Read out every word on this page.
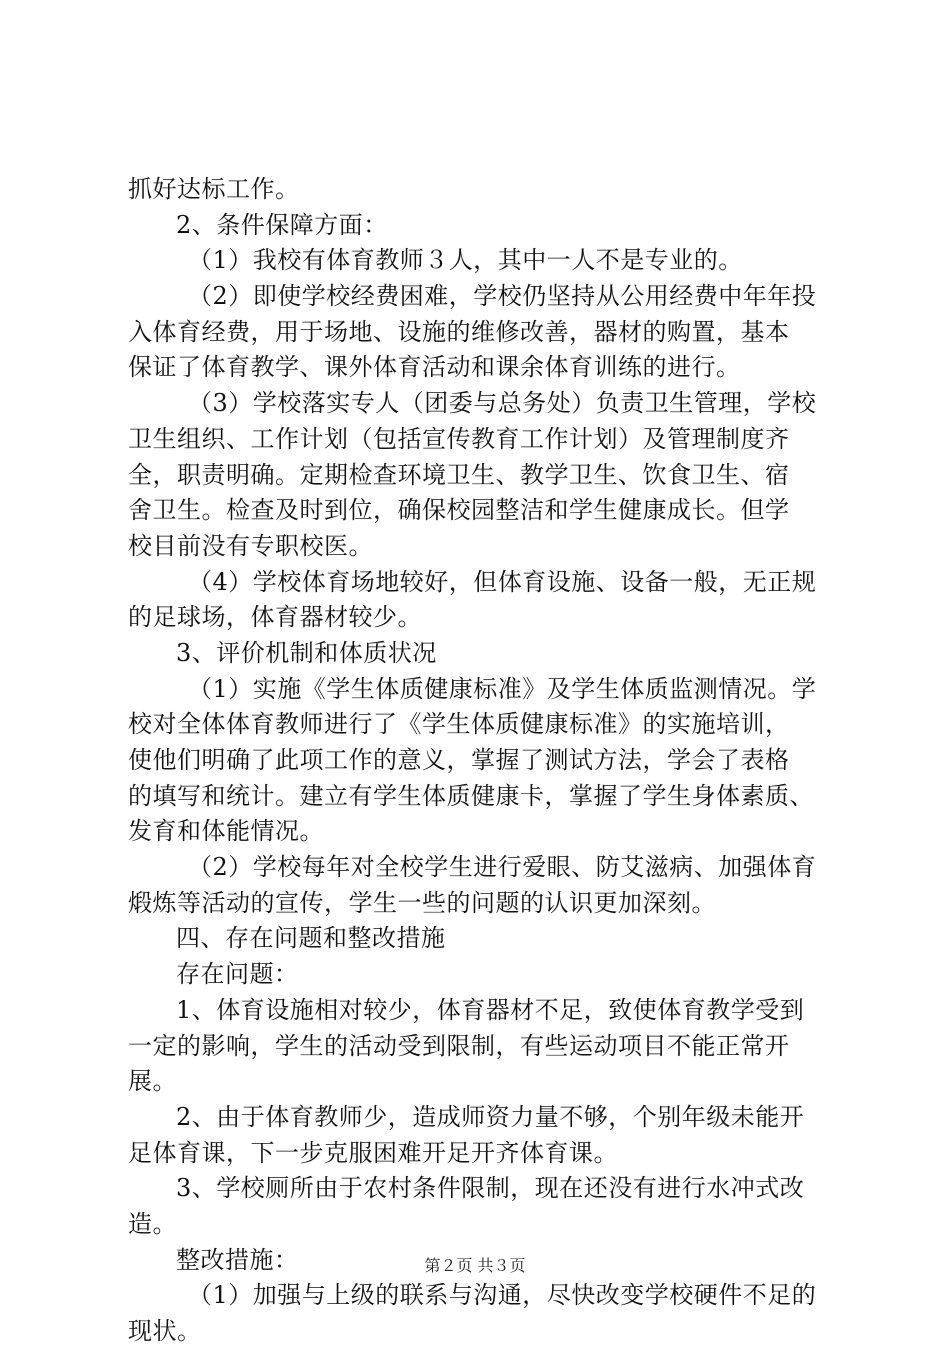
抓好达标工作。
2、条件保障方面：
（1）我校有体育教师３人，其中一人不是专业的。
（2）即使学校经费困难，学校仍坚持从公用经费中年年投
入体育经费，用于场地、设施的维修改善，器材的购置，基本
保证了体育教学、课外体育活动和课余体育训练的进行。
（3）学校落实专人（团委与总务处）负责卫生管理，学校
卫生组织、工作计划（包括宣传教育工作计划）及管理制度齐
全，职责明确。定期检查环境卫生、教学卫生、饮食卫生、宿
舍卫生。检查及时到位，确保校园整洁和学生健康成长。但学
校目前没有专职校医。
（4）学校体育场地较好，但体育设施、设备一般，无正规
的足球场，体育器材较少。
3、评价机制和体质状况
（1）实施《学生体质健康标准》及学生体质监测情况。学
校对全体体育教师进行了《学生体质健康标准》的实施培训，
使他们明确了此项工作的意义，掌握了测试方法，学会了表格
的填写和统计。建立有学生体质健康卡，掌握了学生身体素质、
发育和体能情况。
（2）学校每年对全校学生进行爱眼、防艾滋病、加强体育
煅炼等活动的宣传，学生一些的问题的认识更加深刻。
四、存在问题和整改措施
存在问题：
1、体育设施相对较少，体育器材不足，致使体育教学受到
一定的影响，学生的活动受到限制，有些运动项目不能正常开
展。
2、由于体育教师少，造成师资力量不够，个别年级未能开
足体育课，下一步克服困难开足开齐体育课。
3、学校厕所由于农村条件限制，现在还没有进行水冲式改
造。
整改措施：
（1）加强与上级的联系与沟通，尽快改变学校硬件不足的
现状。
第２页 共３页
